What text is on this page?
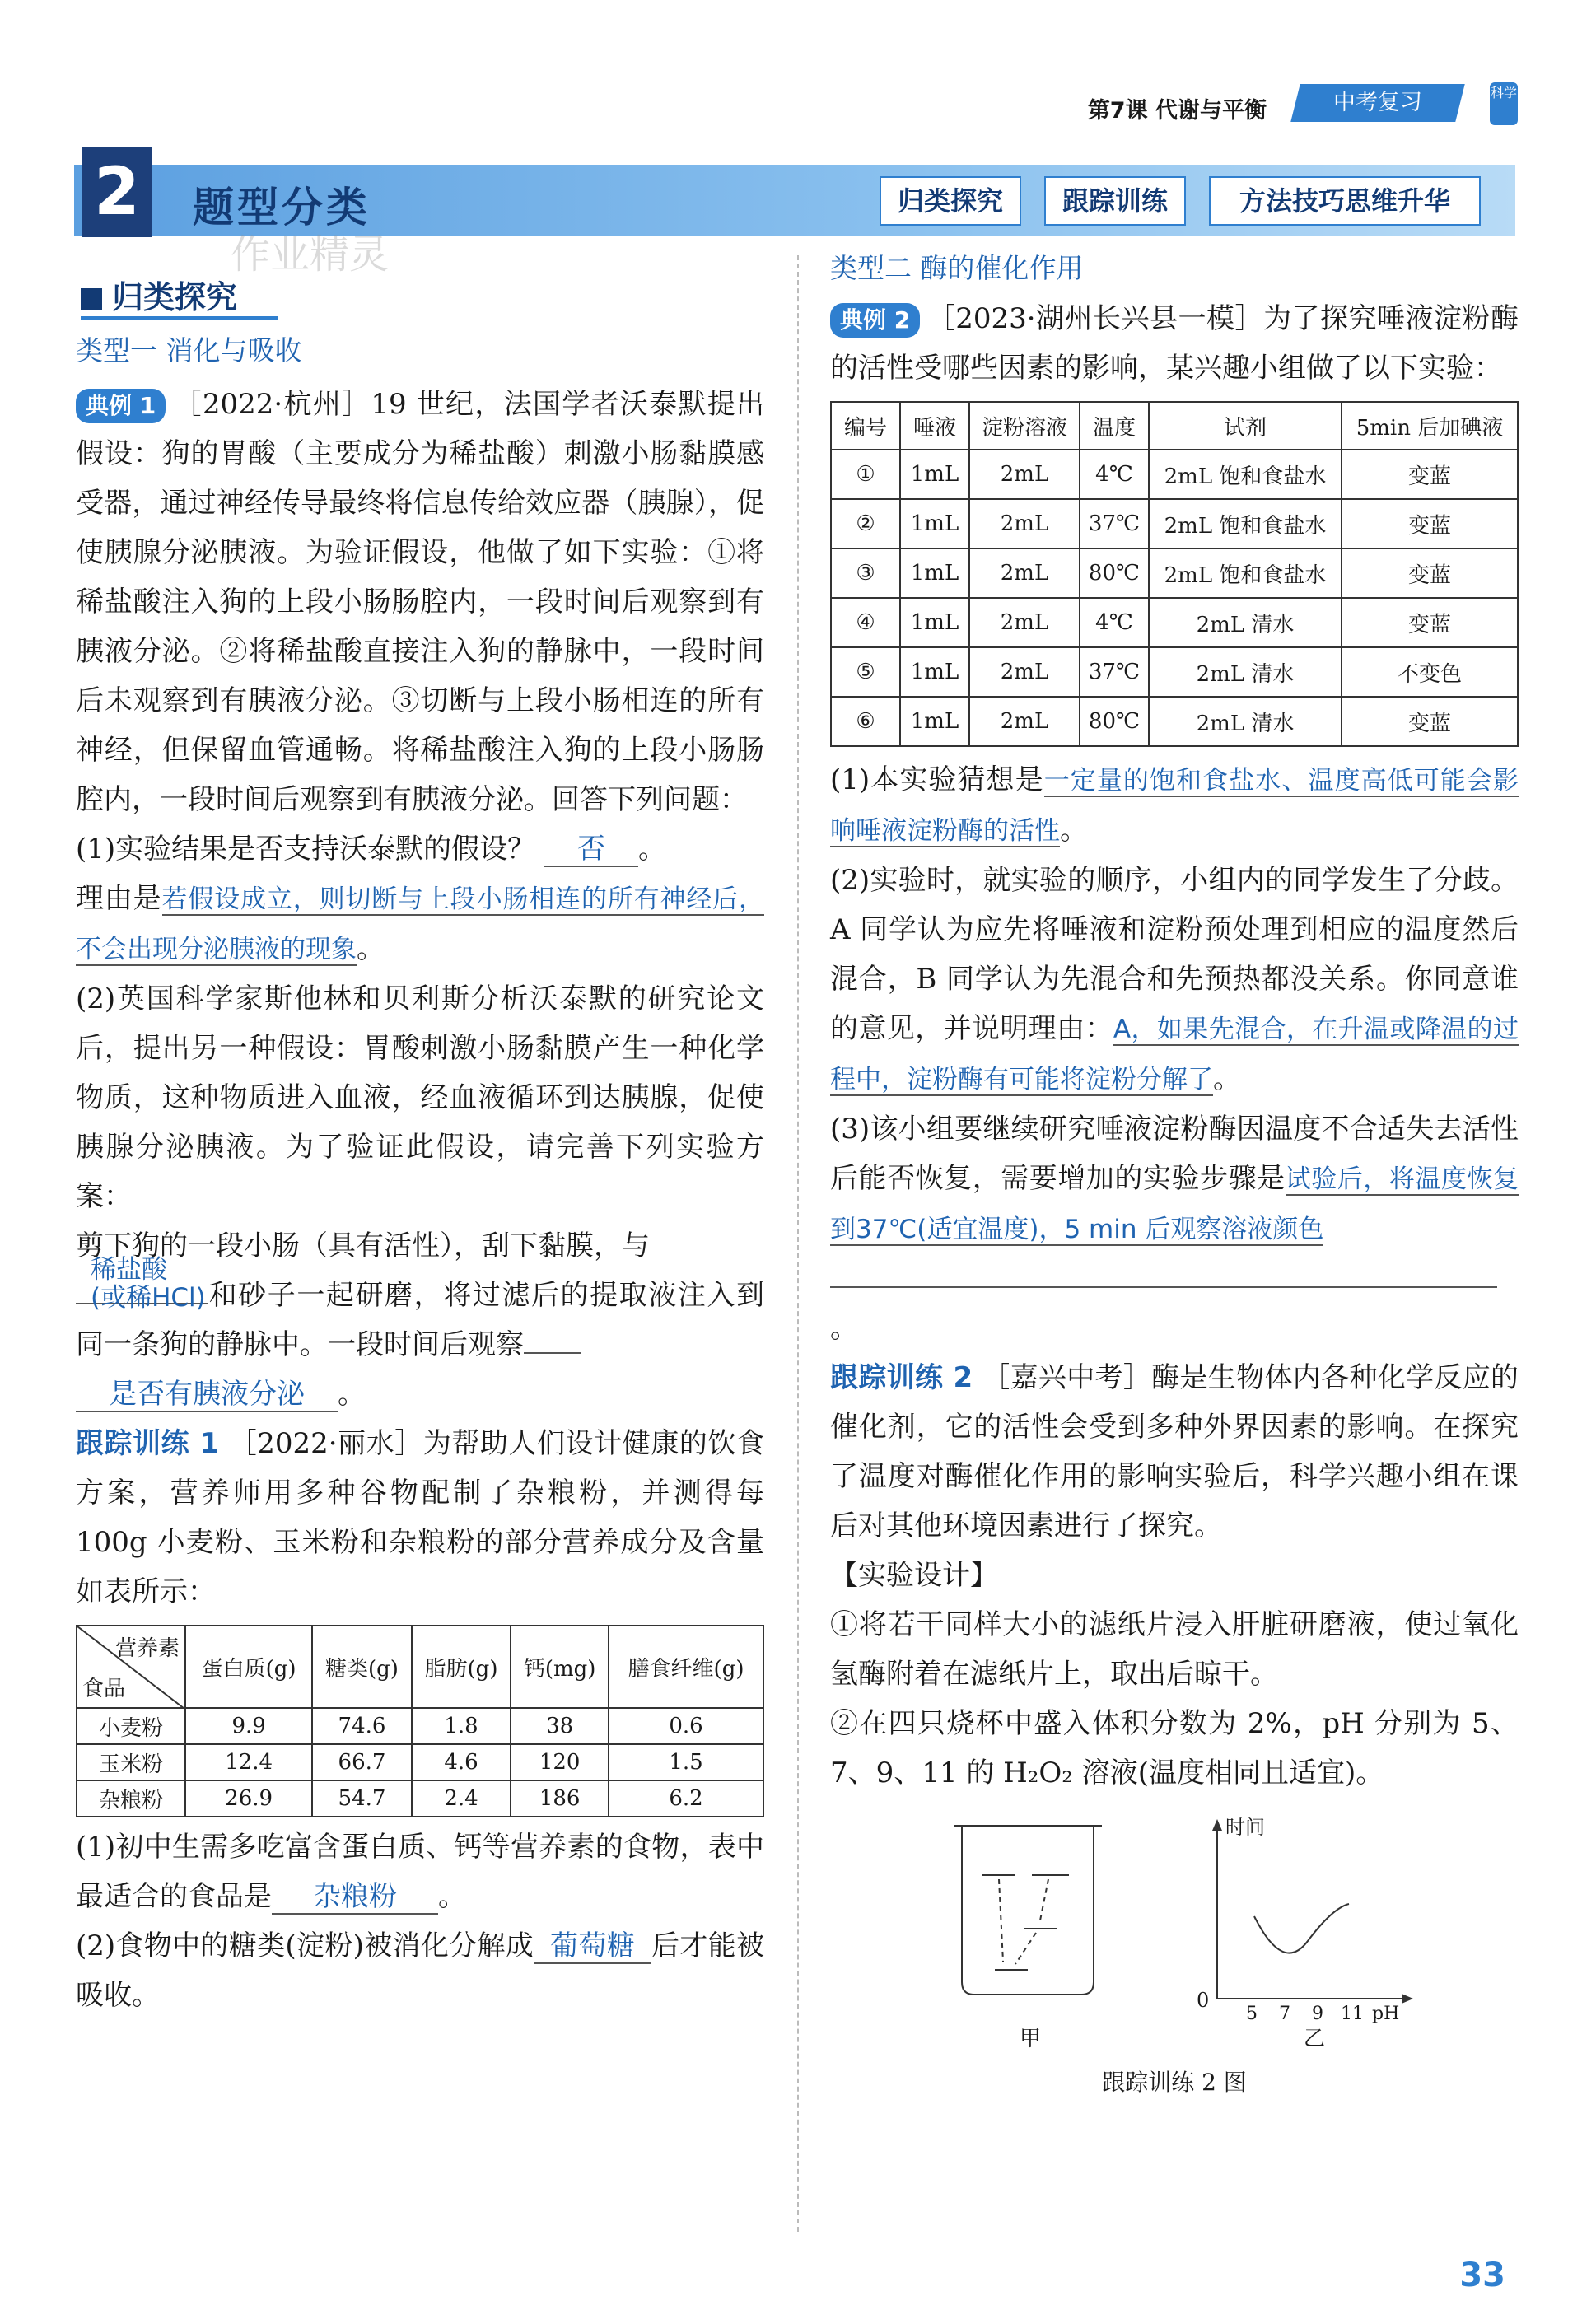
第7课 代谢与平衡	中考复习	科学
2 题型分类	归类探究	跟踪训练	方法技巧思维升华
归类探究
类型一 消化与吸收
典例 1 ［2022·杭州］19 世纪，法国学者沃泰默提出假设：狗的胃酸（主要成分为稀盐酸）刺激小肠黏膜感受器，通过神经传导最终将信息传给效应器（胰腺），促使胰腺分泌胰液。为验证假设，他做了如下实验：①将稀盐酸注入狗的上段小肠肠腔内，一段时间后观察到有胰液分泌。②将稀盐酸直接注入狗的静脉中，一段时间后未观察到有胰液分泌。③切断与上段小肠相连的所有神经，但保留血管通畅。将稀盐酸注入狗的上段小肠肠腔内，一段时间后观察到有胰液分泌。回答下列问题：
(1)实验结果是否支持沃泰默的假设？ 否 。
理由是若假设成立，则切断与上段小肠相连的所有神经后，不会出现分泌胰液的现象。
(2)英国科学家斯他林和贝利斯分析沃泰默的研究论文后，提出另一种假设：胃酸刺激小肠黏膜产生一种化学物质，这种物质进入血液，经血液循环到达胰腺，促使胰腺分泌胰液。为了验证此假设，请完善下列实验方案：
剪下狗的一段小肠（具有活性），刮下黏膜，与
稀盐酸
(或稀HCl) 和砂子一起研磨，将过滤后的提取液注入到同一条狗的静脉中。一段时间后观察
是否有胰液分泌 。
跟踪训练 1 ［2022·丽水］为帮助人们设计健康的饮食方案，营养师用多种谷物配制了杂粮粉，并测得每 100g 小麦粉、玉米粉和杂粮粉的部分营养成分及含量如表所示：
营养素
食品	蛋白质(g)	糖类(g)	脂肪(g)	钙(mg)	膳食纤维(g)
小麦粉	9.9	74.6	1.8	38	0.6
玉米粉	12.4	66.7	4.6	120	1.5
杂粮粉	26.9	54.7	2.4	186	6.2
(1)初中生需多吃富含蛋白质、钙等营养素的食物，表中最适合的食品是 杂粮粉 。
(2)食物中的糖类(淀粉)被消化分解成 葡萄糖 后才能被吸收。
类型二 酶的催化作用
典例 2 ［2023·湖州长兴县一模］为了探究唾液淀粉酶的活性受哪些因素的影响，某兴趣小组做了以下实验：
编号	唾液	淀粉溶液	温度	试剂	5min 后加碘液
①	1mL	2mL	4℃	2mL 饱和食盐水	变蓝
②	1mL	2mL	37℃	2mL 饱和食盐水	变蓝
③	1mL	2mL	80℃	2mL 饱和食盐水	变蓝
④	1mL	2mL	4℃	2mL 清水	变蓝
⑤	1mL	2mL	37℃	2mL 清水	不变色
⑥	1mL	2mL	80℃	2mL 清水	变蓝
(1)本实验猜想是一定量的饱和食盐水、温度高低可能会影响唾液淀粉酶的活性。
(2)实验时，就实验的顺序，小组内的同学发生了分歧。A 同学认为应先将唾液和淀粉预处理到相应的温度然后混合，B 同学认为先混合和先预热都没关系。你同意谁的意见，并说明理由：A，如果先混合，在升温或降温的过程中，淀粉酶有可能将淀粉分解了。
(3)该小组要继续研究唾液淀粉酶因温度不合适失去活性后能否恢复，需要增加的实验步骤是试验后，将温度恢复到37℃(适宜温度)，5 min 后观察溶液颜色
。
跟踪训练 2 ［嘉兴中考］酶是生物体内各种化学反应的催化剂，它的活性会受到多种外界因素的影响。在探究了温度对酶催化作用的影响实验后，科学兴趣小组在课后对其他环境因素进行了探究。
【实验设计】
①将若干同样大小的滤纸片浸入肝脏研磨液，使过氧化氢酶附着在滤纸片上，取出后晾干。
②在四只烧杯中盛入体积分数为 2%，pH 分别为 5、7、9、11 的 H₂O₂ 溶液(温度相同且适宜)。
时间
0
5 7 9 11 pH
甲	乙
跟踪训练 2 图
作业精灵
33
